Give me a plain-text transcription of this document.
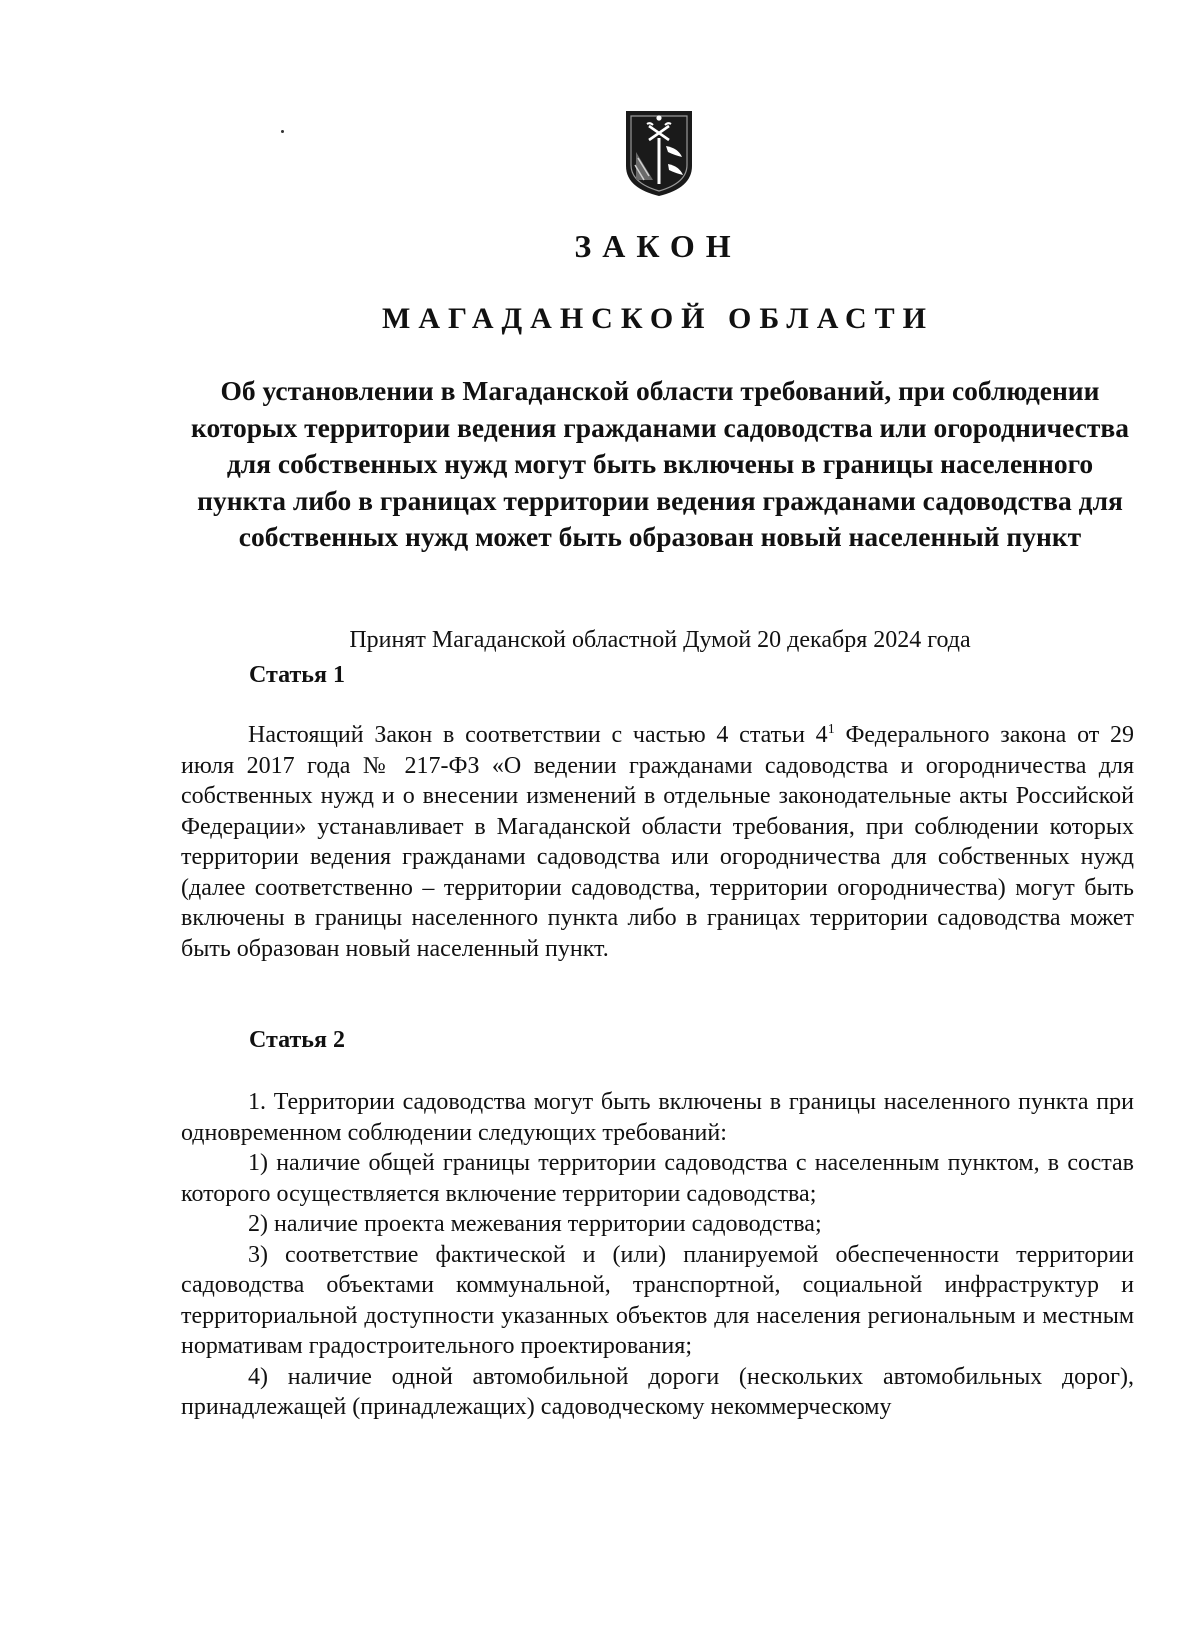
ЗАКОН
МАГАДАНСКОЙ ОБЛАСТИ
Об установлении в Магаданской области требований, при соблюдении которых территории ведения гражданами садоводства или огородничества для собственных нужд могут быть включены в границы населенного пункта либо в границах территории ведения гражданами садоводства для собственных нужд может быть образован новый населенный пункт
Принят Магаданской областной Думой 20 декабря 2024 года
Статья 1

Настоящий Закон в соответствии с частью 4 статьи $4^1$ Федерального закона от 29 июля 2017 года № 217-ФЗ «О ведении гражданами садоводства и огородничества для собственных нужд и о внесении изменений в отдельные законодательные акты Российской Федерации» устанавливает в Магаданской области требования, при соблюдении которых территории ведения гражданами садоводства или огородничества для собственных нужд (далее соответственно – территории садоводства, территории огородничества) могут быть включены в границы населенного пункта либо в границах территории садоводства может быть образован новый населенный пункт.

Статья 2

1. Территории садоводства могут быть включены в границы населенного пункта при одновременном соблюдении следующих требований:

1) наличие общей границы территории садоводства с населенным пунктом, в состав которого осуществляется включение территории садоводства;

2) наличие проекта межевания территории садоводства;

3) соответствие фактической и (или) планируемой обеспеченности территории садоводства объектами коммунальной, транспортной, социальной инфраструктур и территориальной доступности указанных объектов для населения региональным и местным нормативам градостроительного проектирования;

4) наличие одной автомобильной дороги (нескольких автомобильных дорог), принадлежащей (принадлежащих) садоводческому некоммерческому
